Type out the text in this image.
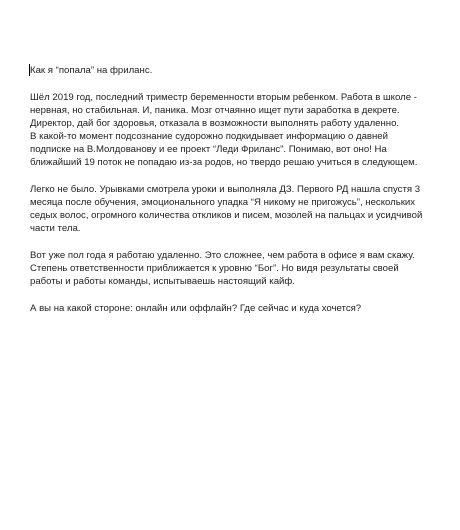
Как я “попала” на фриланс.
Шёл 2019 год, последний триместр беременности вторым ребенком. Работа в школе -
нервная, но стабильная. И, паника. Мозг отчаянно ищет пути заработка в декрете.
Директор, дай бог здоровья, отказала в возможности выполнять работу удаленно.
В какой-то момент подсознание судорожно подкидывает информацию о давней
подписке на В.Молдованову и ее проект “Леди Фриланс”. Понимаю, вот оно! На
ближайший 19 поток не попадаю из-за родов, но твердо решаю учиться в следующем.
Легко не было. Урывками смотрела уроки и выполняла ДЗ. Первого РД нашла спустя 3
месяца после обучения, эмоционального упадка “Я никому не пригожусь”, нескольких
седых волос, огромного количества откликов и писем, мозолей на пальцах и усидчивой
части тела.
Вот уже пол года я работаю удаленно. Это сложнее, чем работа в офисе я вам скажу.
Степень ответственности приближается к уровню “Бог”. Но видя результаты своей
работы и работы команды, испытываешь настоящий кайф.
А вы на какой стороне: онлайн или оффлайн? Где сейчас и куда хочется?
